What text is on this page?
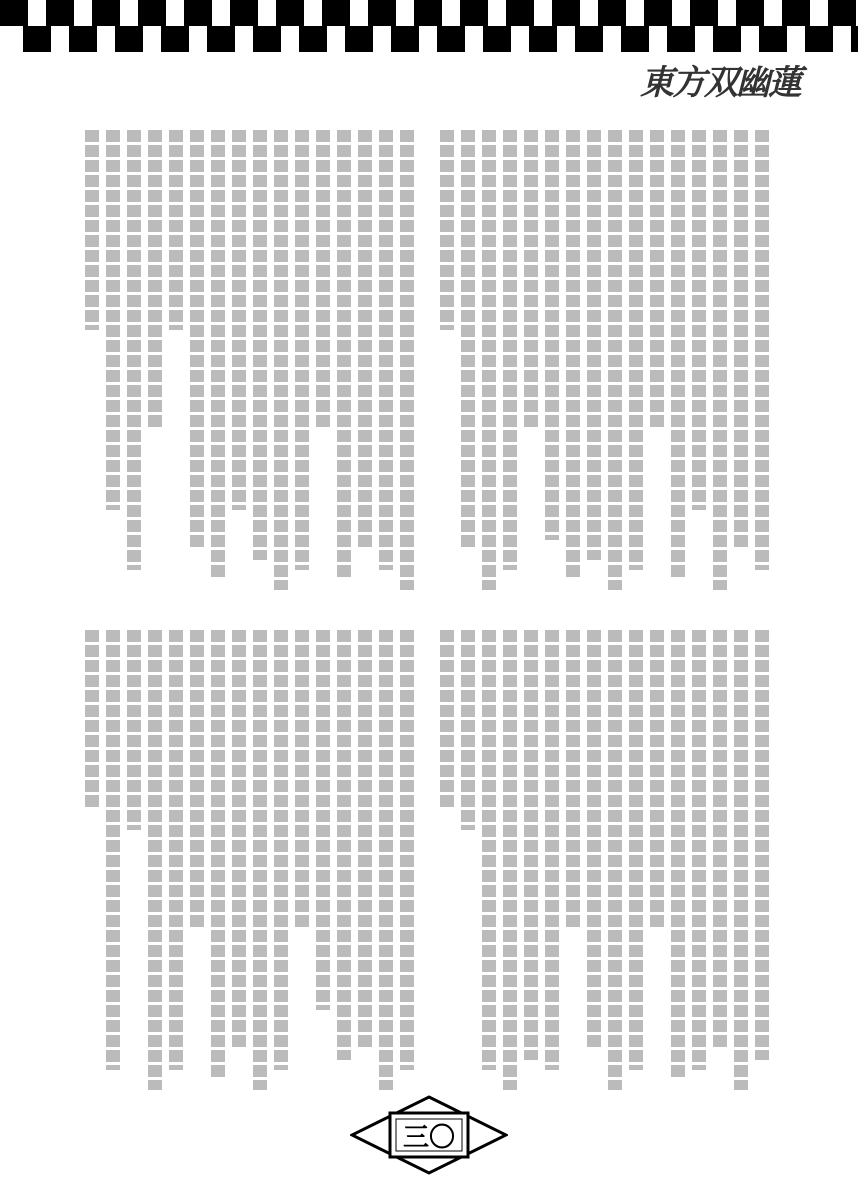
東方双幽蓮
三〇
